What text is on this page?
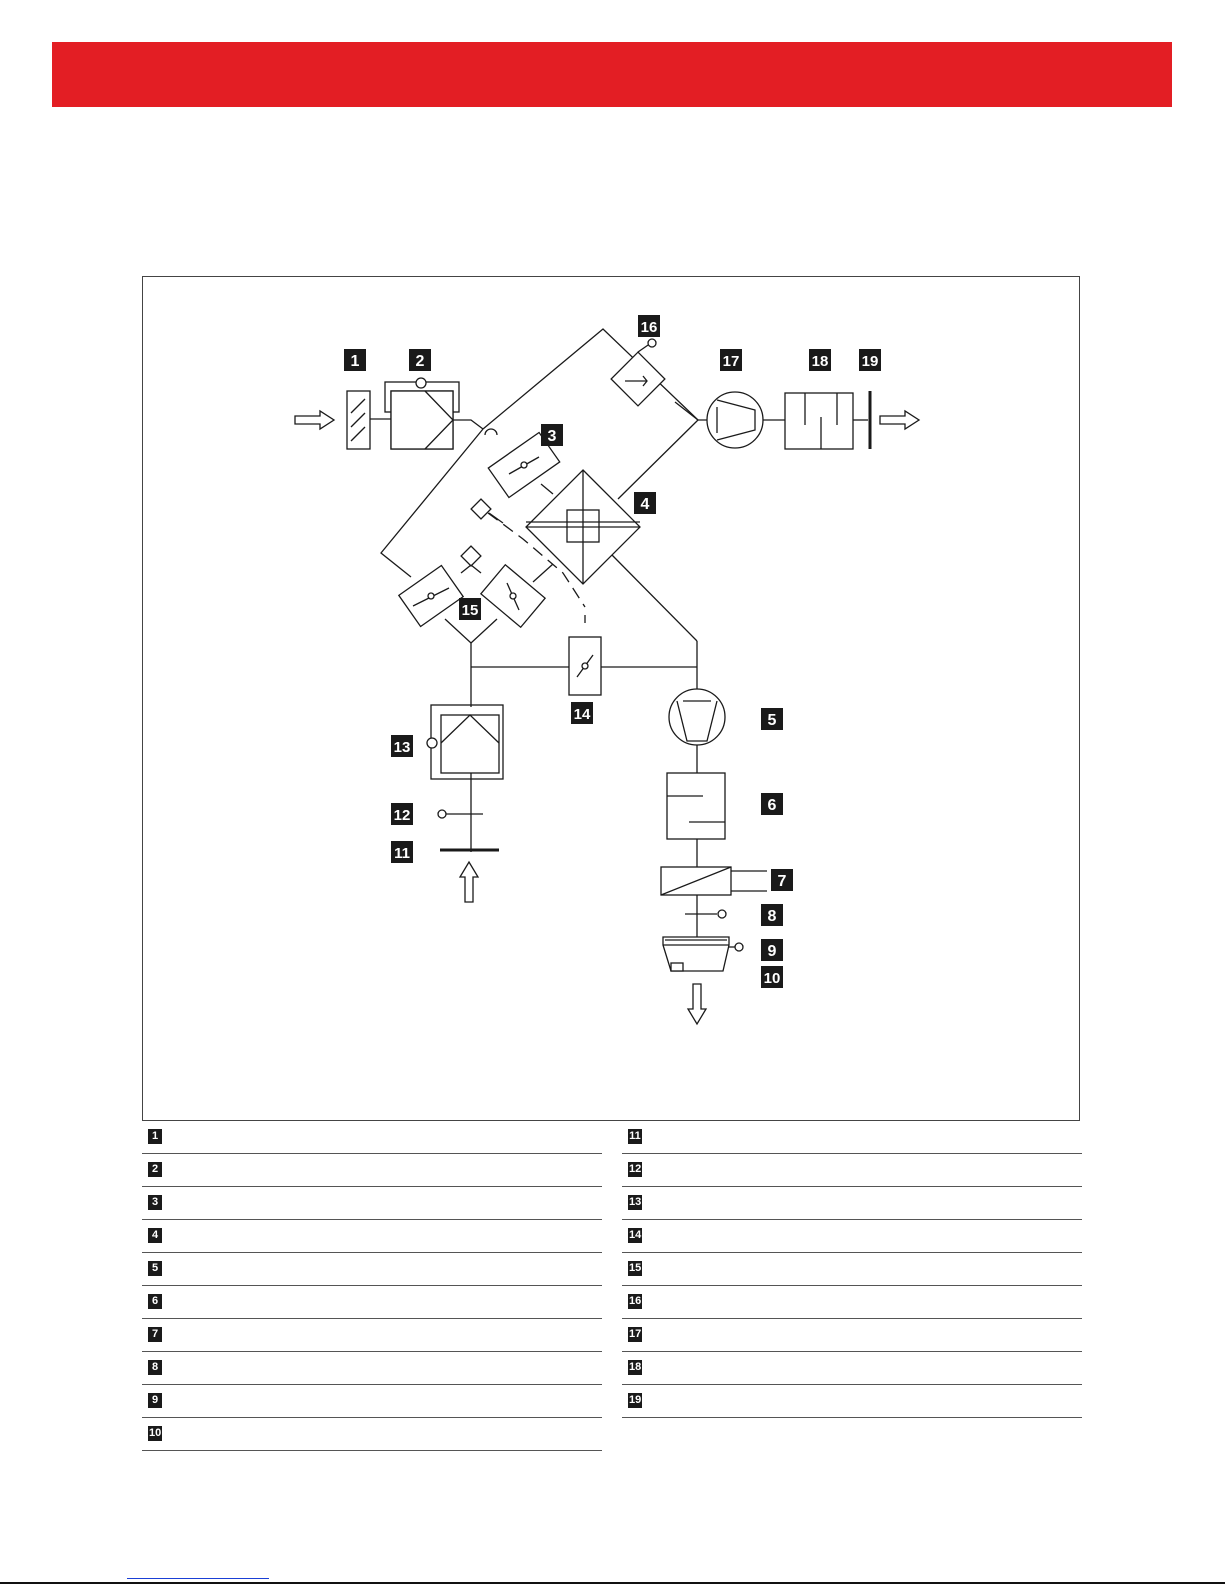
1	2
3
4
5
6
7
8
9
10
11
12
13
14
15
16
17	18 19
1
2
3
4
5
6
7
8
9
10
11
12
13
14
15
16
17
18
19
